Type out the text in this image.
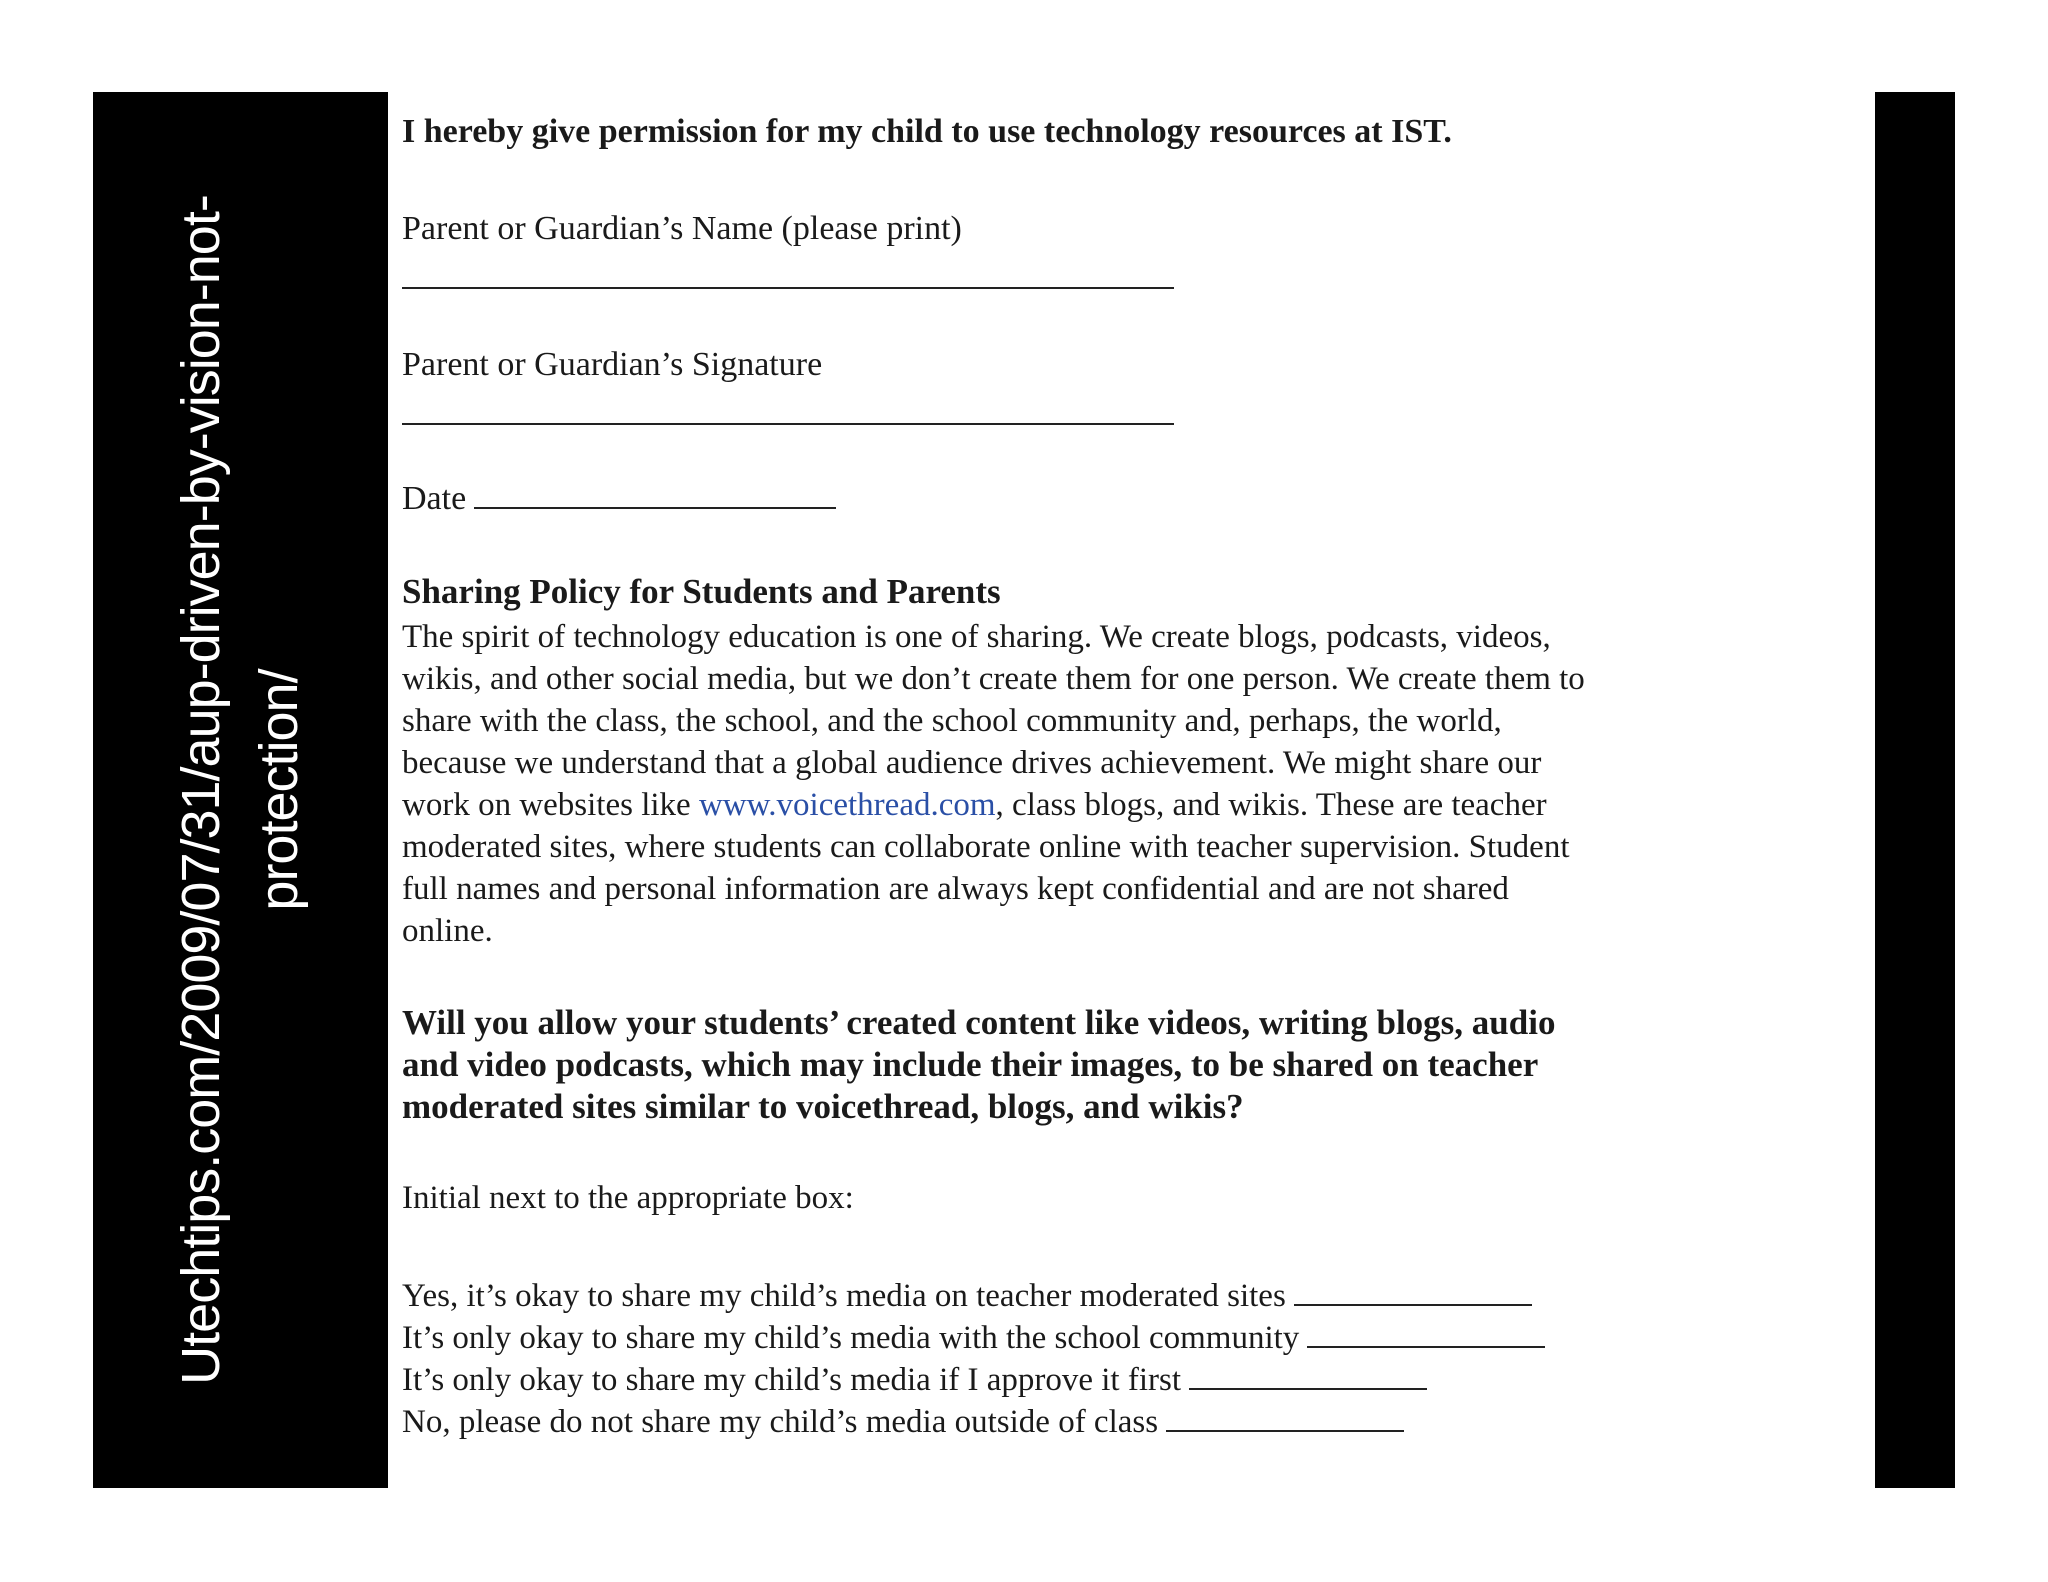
Utechtips.com/2009/07/31/aup-driven-by-vision-not- protection/
I hereby give permission for my child to use technology resources at IST.
Parent or Guardian’s Name (please print)
Parent or Guardian’s Signature
Date
Sharing Policy for Students and Parents
The spirit of technology education is one of sharing. We create blogs, podcasts, videos,
wikis, and other social media, but we don’t create them for one person. We create them to
share with the class, the school, and the school community and, perhaps, the world,
because we understand that a global audience drives achievement. We might share our
work on websites like www.voicethread.com, class blogs, and wikis. These are teacher
moderated sites, where students can collaborate online with teacher supervision. Student
full names and personal information are always kept confidential and are not shared
online.
Will you allow your students’ created content like videos, writing blogs, audio
and video podcasts, which may include their images, to be shared on teacher
moderated sites similar to voicethread, blogs, and wikis?
Initial next to the appropriate box:
Yes, it’s okay to share my child’s media on teacher moderated sites
It’s only okay to share my child’s media with the school community
It’s only okay to share my child’s media if I approve it first
No, please do not share my child’s media outside of class
